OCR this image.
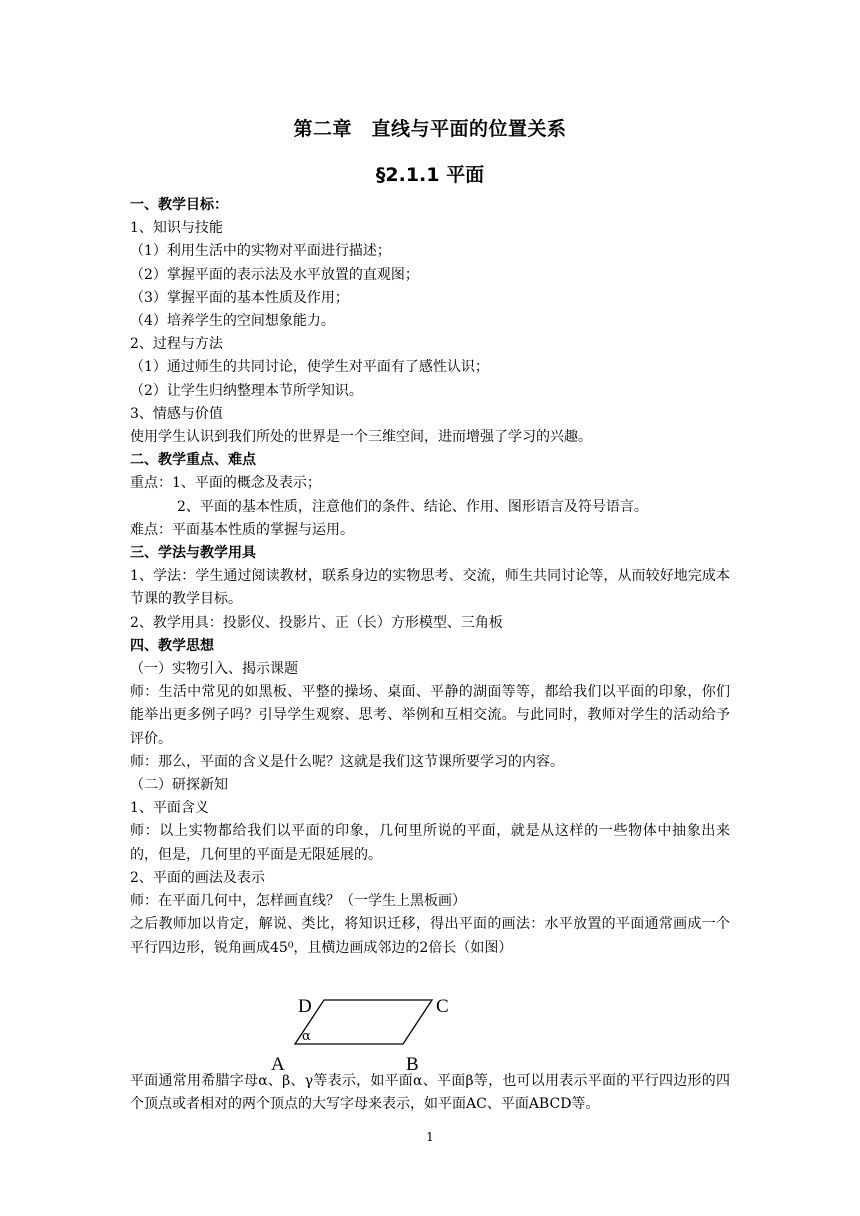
第二章　直线与平面的位置关系
§2.1.1 平面

一、教学目标：

1、知识与技能

（1）利用生活中的实物对平面进行描述；

（2）掌握平面的表示法及水平放置的直观图；

（3）掌握平面的基本性质及作用；

（4）培养学生的空间想象能力。

2、过程与方法

（1）通过师生的共同讨论，使学生对平面有了感性认识；

（2）让学生归纳整理本节所学知识。

3、情感与价值

使用学生认识到我们所处的世界是一个三维空间，进而增强了学习的兴趣。

二、教学重点、难点

重点：1、平面的概念及表示；

2、平面的基本性质，注意他们的条件、结论、作用、图形语言及符号语言。

难点：平面基本性质的掌握与运用。

三、学法与教学用具

1、学法：学生通过阅读教材，联系身边的实物思考、交流，师生共同讨论等，从而较好地完成本节课的教学目标。

2、教学用具：投影仪、投影片、正（长）方形模型、三角板

四、教学思想

（一）实物引入、揭示课题

师：生活中常见的如黑板、平整的操场、桌面、平静的湖面等等，都给我们以平面的印象，你们能举出更多例子吗？引导学生观察、思考、举例和互相交流。与此同时，教师对学生的活动给予评价。

师：那么，平面的含义是什么呢？这就是我们这节课所要学习的内容。

（二）研探新知

1、平面含义

师：以上实物都给我们以平面的印象，几何里所说的平面，就是从这样的一些物体中抽象出来的，但是，几何里的平面是无限延展的。

2、平面的画法及表示

师：在平面几何中，怎样画直线？（一学生上黑板画）

之后教师加以肯定，解说、类比，将知识迁移，得出平面的画法：水平放置的平面通常画成一个平行四边形，锐角画成45⁰，且横边画成邻边的2倍长（如图）

D	C
A	B
α

平面通常用希腊字母α、β、γ等表示，如平面α、平面β等，也可以用表示平面的平行四边形的四个顶点或者相对的两个顶点的大写字母来表示，如平面AC、平面ABCD等。

1
